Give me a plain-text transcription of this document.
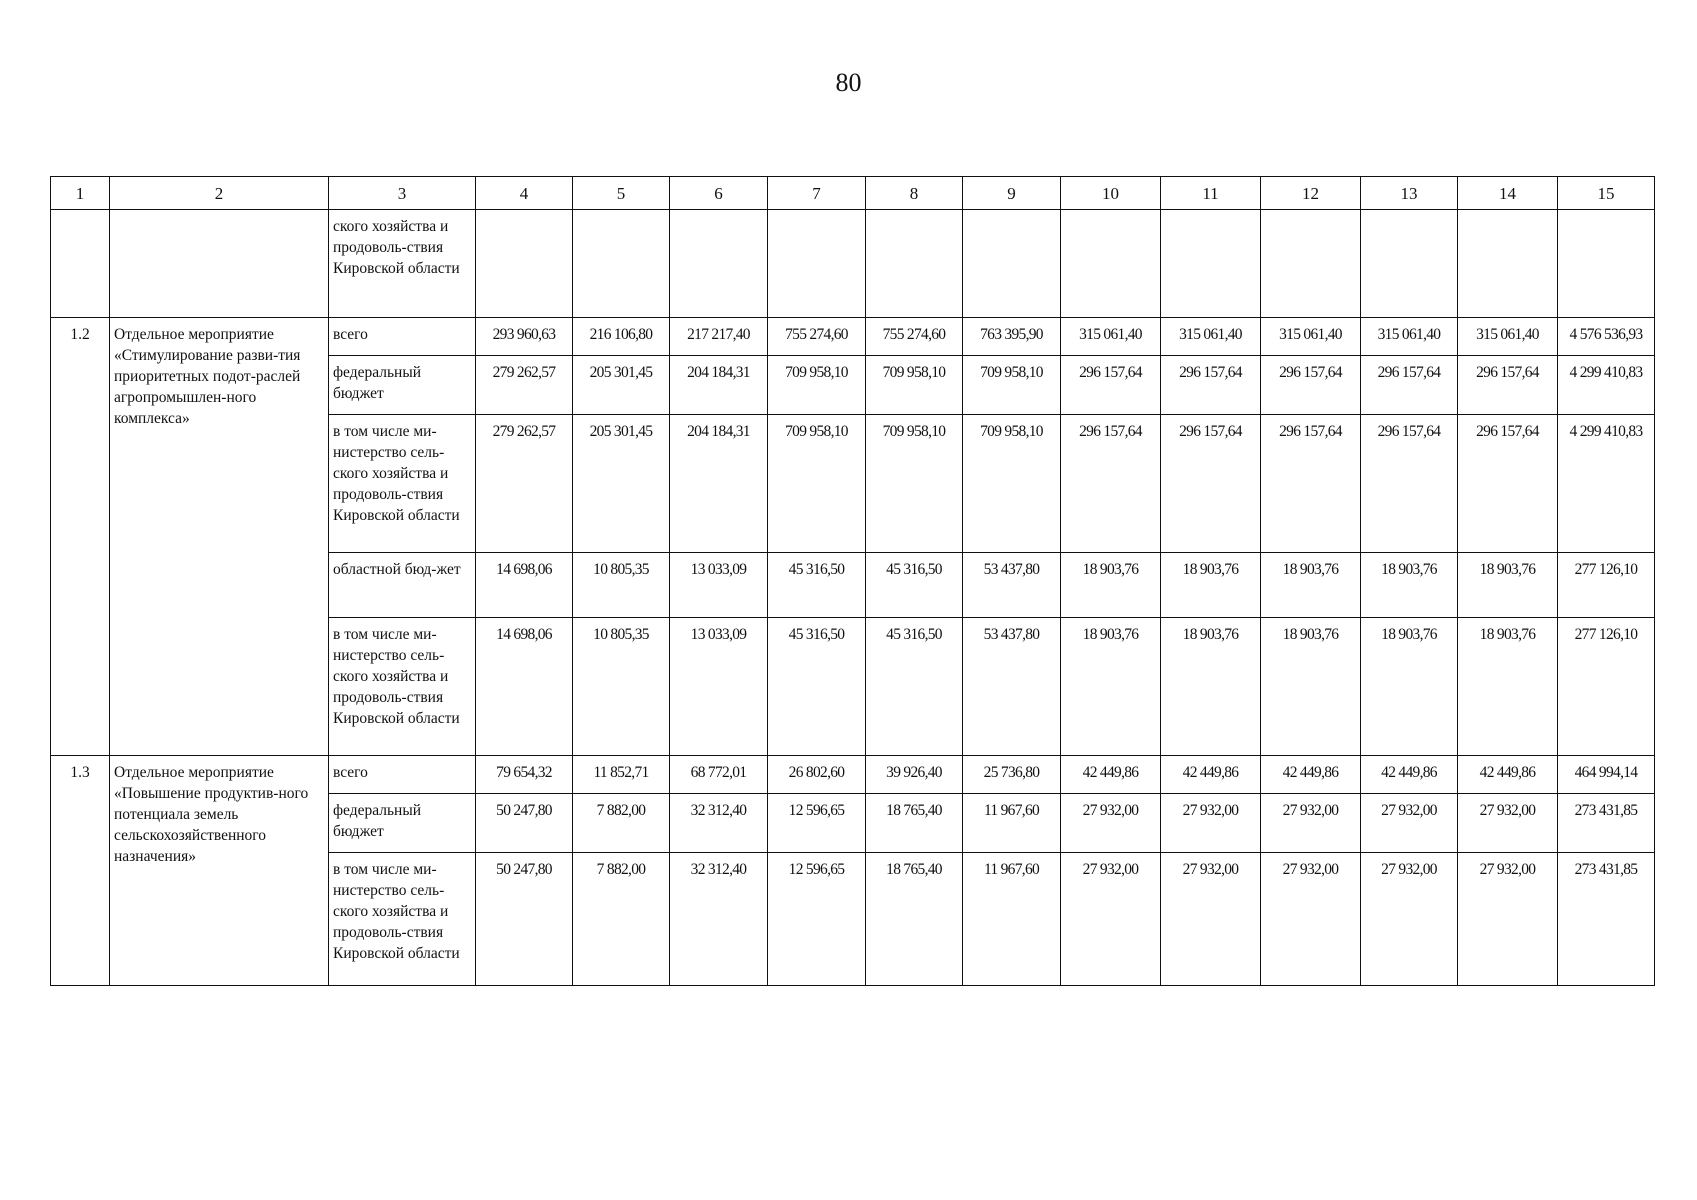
80
1	2	3	4	5	6	7	8	9	10	11	12	13	14	15
		ского хозяйства и продоволь-ствия Кировской области												
1.2	Отдельное мероприятие «Стимулирование разви-тия приоритетных подот-раслей агропромышлен-ного комплекса»	всего	293 960,63	216 106,80	217 217,40	755 274,60	755 274,60	763 395,90	315 061,40	315 061,40	315 061,40	315 061,40	315 061,40	4 576 536,93
		федеральный бюджет	279 262,57	205 301,45	204 184,31	709 958,10	709 958,10	709 958,10	296 157,64	296 157,64	296 157,64	296 157,64	296 157,64	4 299 410,83
		в том числе ми-нистерство сель-ского хозяйства и продоволь-ствия Кировской области	279 262,57	205 301,45	204 184,31	709 958,10	709 958,10	709 958,10	296 157,64	296 157,64	296 157,64	296 157,64	296 157,64	4 299 410,83
		областной бюд-жет	14 698,06	10 805,35	13 033,09	45 316,50	45 316,50	53 437,80	18 903,76	18 903,76	18 903,76	18 903,76	18 903,76	277 126,10
		в том числе ми-нистерство сель-ского хозяйства и продоволь-ствия Кировской области	14 698,06	10 805,35	13 033,09	45 316,50	45 316,50	53 437,80	18 903,76	18 903,76	18 903,76	18 903,76	18 903,76	277 126,10
1.3	Отдельное мероприятие «Повышение продуктив-ного потенциала земель сельскохозяйственного назначения»	всего	79 654,32	11 852,71	68 772,01	26 802,60	39 926,40	25 736,80	42 449,86	42 449,86	42 449,86	42 449,86	42 449,86	464 994,14
		федеральный бюджет	50 247,80	7 882,00	32 312,40	12 596,65	18 765,40	11 967,60	27 932,00	27 932,00	27 932,00	27 932,00	27 932,00	273 431,85
		в том числе ми-нистерство сель-ского хозяйства и продоволь-ствия Кировской области	50 247,80	7 882,00	32 312,40	12 596,65	18 765,40	11 967,60	27 932,00	27 932,00	27 932,00	27 932,00	27 932,00	273 431,85
